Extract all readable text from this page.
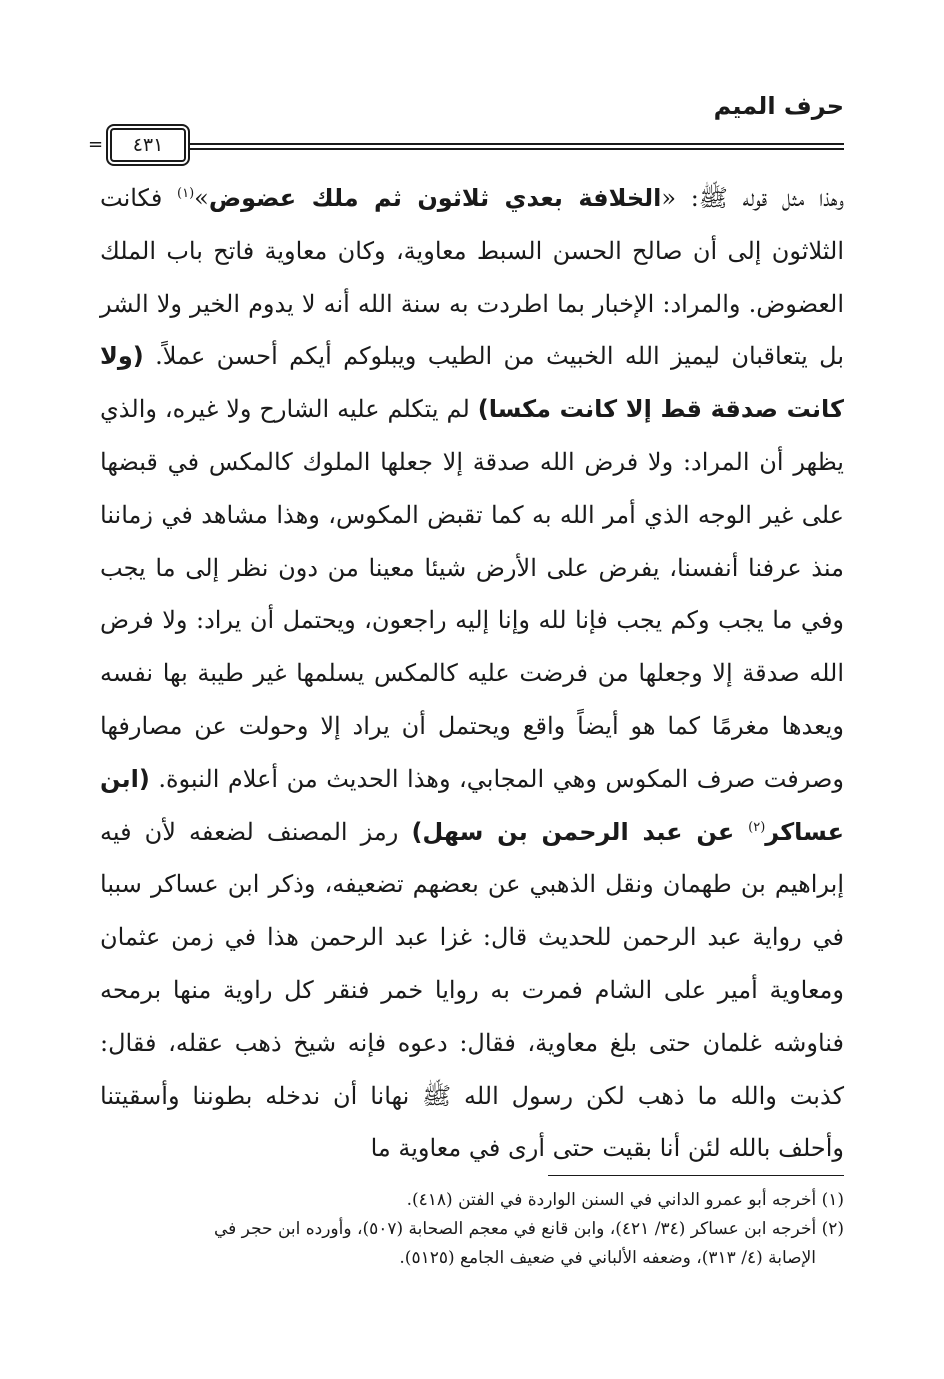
حرف الميم
=	٤٣١

وهذا مثل قوله ﷺ: «الخلافة بعدي ثلاثون ثم ملك عضوض»$^{(١)}$ فكانت الثلاثون إلى أن صالح الحسن السبط معاوية، وكان معاوية فاتح باب الملك العضوض. والمراد: الإخبار بما اطردت به سنة الله أنه لا يدوم الخير ولا الشر بل يتعاقبان ليميز الله الخبيث من الطيب ويبلوكم أيكم أحسن عملاً. (ولا كانت صدقة قط إلا كانت مكسا) لم يتكلم عليه الشارح ولا غيره، والذي يظهر أن المراد: ولا فرض الله صدقة إلا جعلها الملوك كالمكس في قبضها على غير الوجه الذي أمر الله به كما تقبض المكوس، وهذا مشاهد في زماننا منذ عرفنا أنفسنا، يفرض على الأرض شيئا معينا من دون نظر إلى ما يجب وفي ما يجب وكم يجب فإنا لله وإنا إليه راجعون، ويحتمل أن يراد: ولا فرض الله صدقة إلا وجعلها من فرضت عليه كالمكس يسلمها غير طيبة بها نفسه ويعدها مغرمًا كما هو أيضاً واقع ويحتمل أن يراد إلا وحولت عن مصارفها وصرفت صرف المكوس وهي المجابي، وهذا الحديث من أعلام النبوة. (ابن عساكر$^{(٢)}$ عن عبد الرحمن بن سهل) رمز المصنف لضعفه لأن فيه إبراهيم بن طهمان ونقل الذهبي عن بعضهم تضعيفه، وذكر ابن عساكر سببا في رواية عبد الرحمن للحديث قال: غزا عبد الرحمن هذا في زمن عثمان ومعاوية أمير على الشام فمرت به روايا خمر فنقر كل راوية منها برمحه فناوشه غلمان حتى بلغ معاوية، فقال: دعوه فإنه شيخ ذهب عقله، فقال: كذبت والله ما ذهب لكن رسول الله ﷺ نهانا أن ندخله بطوننا وأسقيتنا وأحلف بالله لئن أنا بقيت حتى أرى في معاوية ما

(١) أخرجه أبو عمرو الداني في السنن الواردة في الفتن (٤١٨).

(٢) أخرجه ابن عساكر (٣٤/ ٤٢١)، وابن قانع في معجم الصحابة (٥٠٧)، وأورده ابن حجر في

الإصابة (٤/ ٣١٣)، وضعفه الألباني في ضعيف الجامع (٥١٢٥).
